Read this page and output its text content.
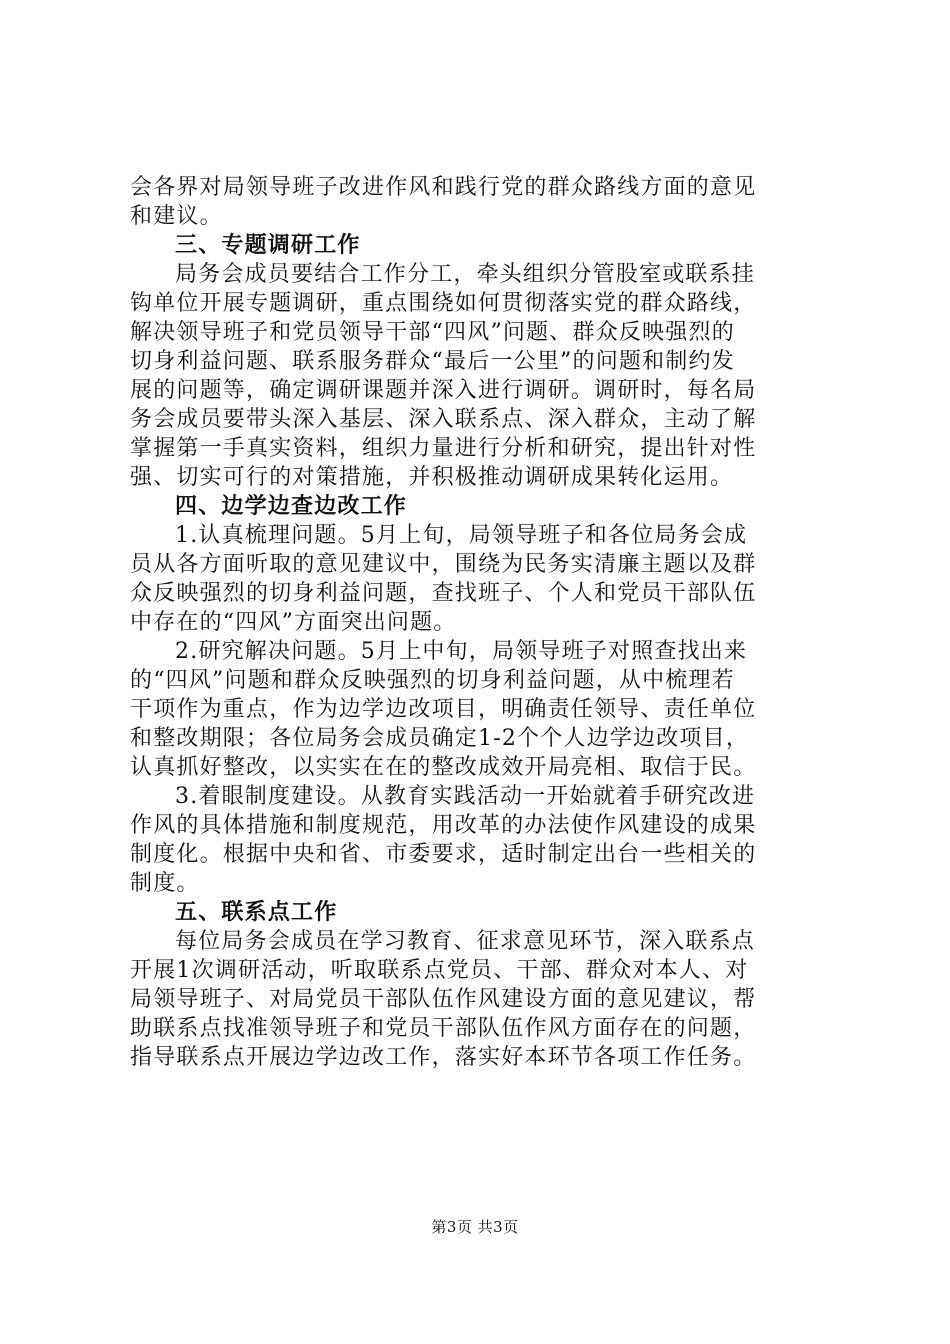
会各界对局领导班子改进作风和践行党的群众路线方面的意见
和建议。
三、专题调研工作
局务会成员要结合工作分工，牵头组织分管股室或联系挂
钩单位开展专题调研，重点围绕如何贯彻落实党的群众路线，
解决领导班子和党员领导干部“四风”问题、群众反映强烈的
切身利益问题、联系服务群众“最后一公里”的问题和制约发
展的问题等，确定调研课题并深入进行调研。调研时，每名局
务会成员要带头深入基层、深入联系点、深入群众，主动了解
掌握第一手真实资料，组织力量进行分析和研究，提出针对性
强、切实可行的对策措施，并积极推动调研成果转化运用。
四、边学边查边改工作
1.认真梳理问题。5月上旬，局领导班子和各位局务会成
员从各方面听取的意见建议中，围绕为民务实清廉主题以及群
众反映强烈的切身利益问题，查找班子、个人和党员干部队伍
中存在的“四风”方面突出问题。
2.研究解决问题。5月上中旬，局领导班子对照查找出来
的“四风”问题和群众反映强烈的切身利益问题，从中梳理若
干项作为重点，作为边学边改项目，明确责任领导、责任单位
和整改期限；各位局务会成员确定1-2个个人边学边改项目，
认真抓好整改，以实实在在的整改成效开局亮相、取信于民。
3.着眼制度建设。从教育实践活动一开始就着手研究改进
作风的具体措施和制度规范，用改革的办法使作风建设的成果
制度化。根据中央和省、市委要求，适时制定出台一些相关的
制度。
五、联系点工作
每位局务会成员在学习教育、征求意见环节，深入联系点
开展1次调研活动，听取联系点党员、干部、群众对本人、对
局领导班子、对局党员干部队伍作风建设方面的意见建议，帮
助联系点找准领导班子和党员干部队伍作风方面存在的问题，
指导联系点开展边学边改工作，落实好本环节各项工作任务。
第3页 共3页
